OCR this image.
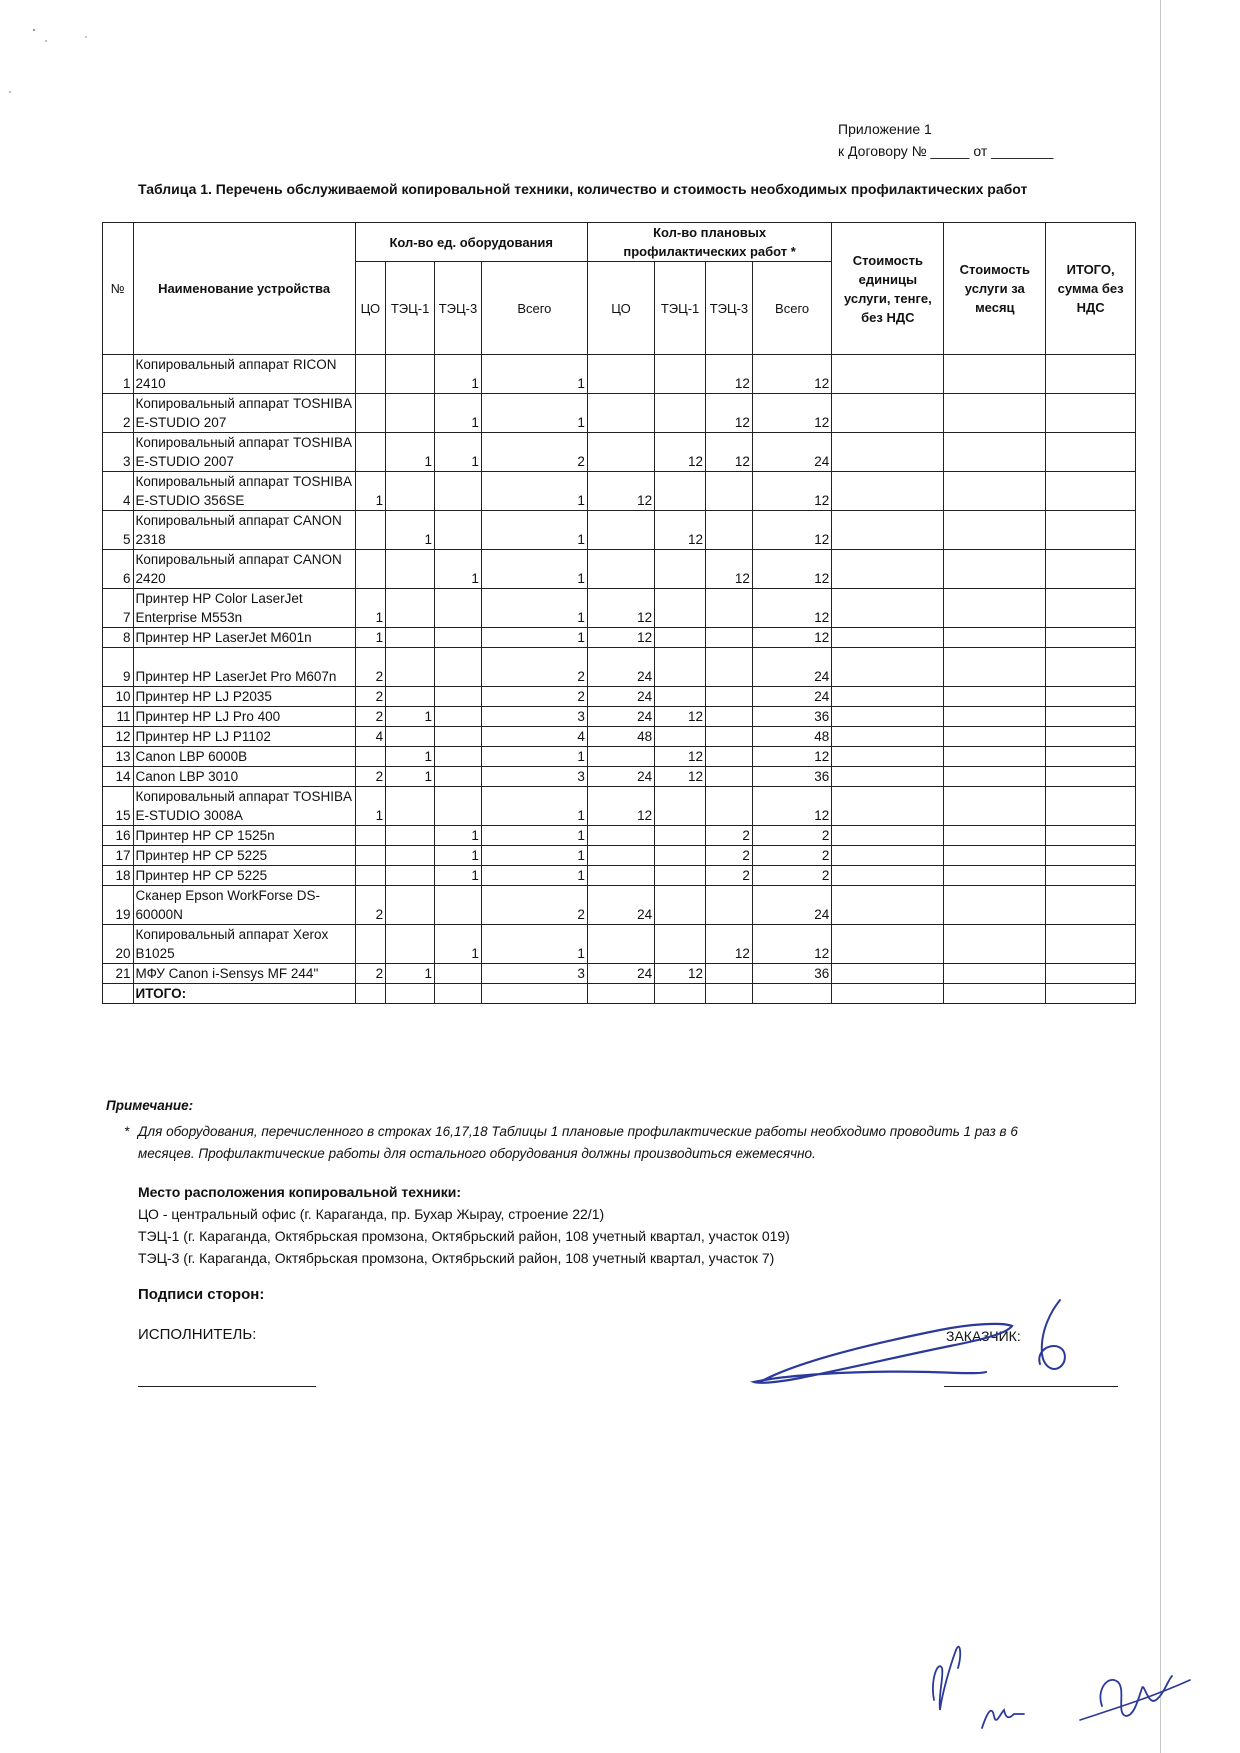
Приложение 1
к Договору № _____ от ________
Таблица 1. Перечень обслуживаемой копировальной техники, количество и стоимость необходимых профилактических работ
№	Наименование устройства	Кол-во ед. оборудования				Кол-во плановых профилактических работ *				Стоимость единицы услуги, тенге, без НДС	Стоимость услуги за месяц	ИТОГО, сумма без НДС
		ЦО	ТЭЦ-1	ТЭЦ-3	Всего	ЦО	ТЭЦ-1	ТЭЦ-3	Всего			
1	Копировальный аппарат RICON 2410			1	1			12	12			
2	Копировальный аппарат TOSHIBA E-STUDIO 207			1	1			12	12			
3	Копировальный аппарат TOSHIBA E-STUDIO 2007		1	1	2		12	12	24			
4	Копировальный аппарат TOSHIBA E-STUDIO 356SE	1			1	12			12			
5	Копировальный аппарат CANON 2318		1		1		12		12			
6	Копировальный аппарат CANON 2420			1	1			12	12			
7	Принтер HP Color LaserJet Enterprise M553n	1			1	12			12			
8	Принтер HP LaserJet M601n	1			1	12			12			
9	Принтер HP LaserJet Pro M607n	2			2	24			24			
10	Принтер HP LJ P2035	2			2	24			24			
11	Принтер HP LJ Pro 400	2	1		3	24	12		36			
12	Принтер HP LJ P1102	4			4	48			48			
13	Canon LBP 6000B		1		1		12		12			
14	Canon LBP 3010	2	1		3	24	12		36			
15	Копировальный аппарат TOSHIBA E-STUDIO 3008A	1			1	12			12			
16	Принтер HP CP 1525n			1	1			2	2			
17	Принтер HP CP 5225			1	1			2	2			
18	Принтер HP CP 5225			1	1			2	2			
19	Сканер Epson WorkForse DS-60000N	2			2	24			24			
20	Копировальный аппарат Xerox B1025			1	1			12	12			
21	МФУ Canon i-Sensys MF 244"	2	1		3	24	12		36			
	ИТОГО:											
Примечание:
* Для оборудования, перечисленного в строках 16,17,18 Таблицы 1 плановые профилактические работы необходимо проводить 1 раз в 6 месяцев. Профилактические работы для остального оборудования должны производиться ежемесячно.
Место расположения копировальной техники:
ЦО - центральный офис (г. Караганда, пр. Бухар Жырау, строение 22/1)
ТЭЦ-1 (г. Караганда, Октябрьская промзона, Октябрьский район, 108 учетный квартал, участок 019)
ТЭЦ-3 (г. Караганда, Октябрьская промзона, Октябрьский район, 108 учетный квартал, участок 7)
Подписи сторон:
ИСПОЛНИТЕЛЬ:	ЗАКАЗЧИК:
